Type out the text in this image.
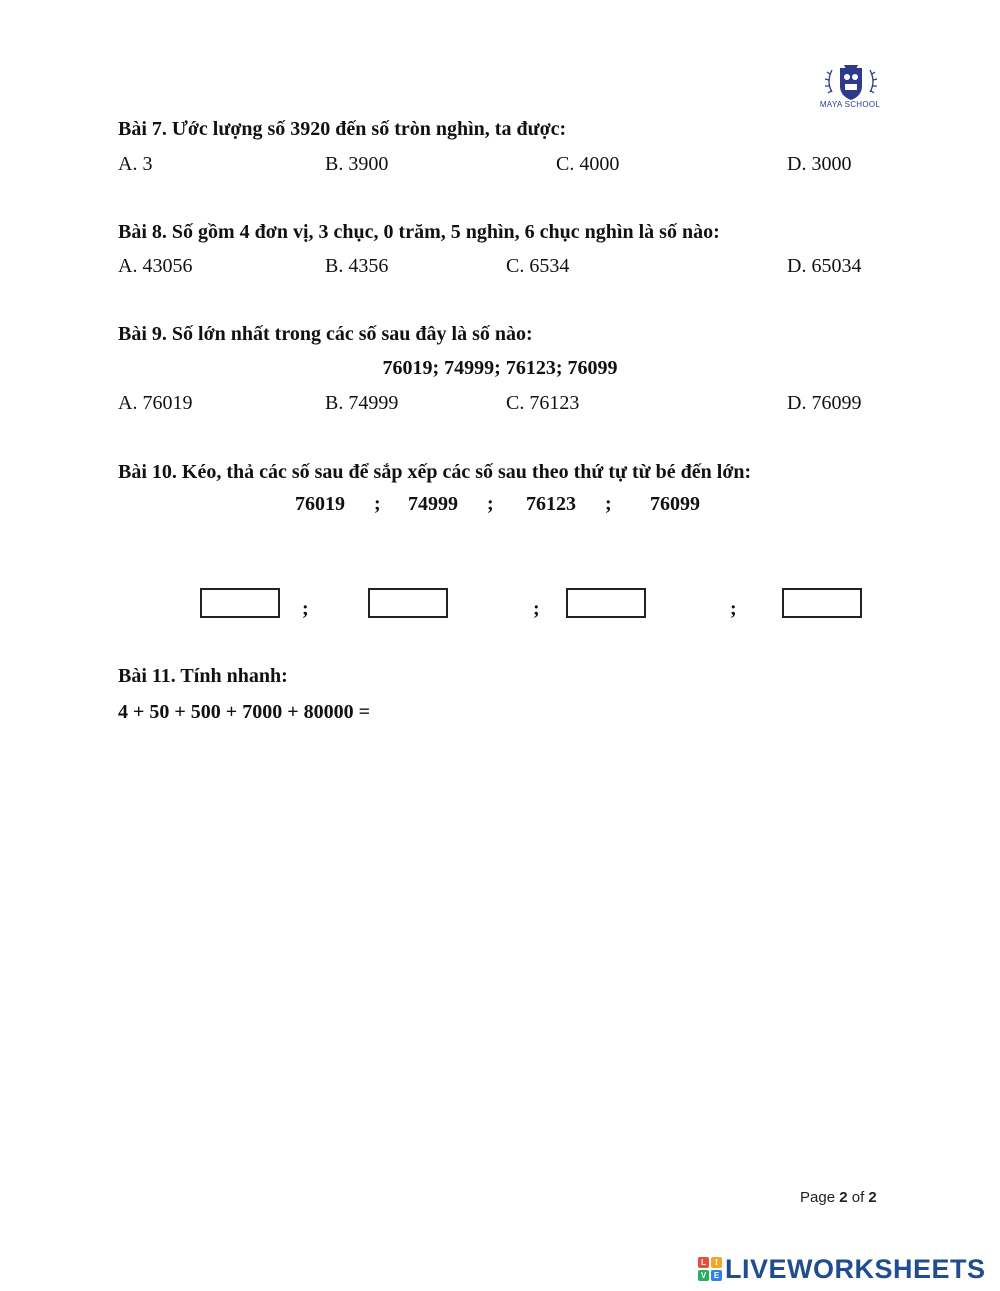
MAYA SCHOOL
Bài 7. Ước lượng số 3920 đến số tròn nghìn, ta được:
A. 3	B. 3900	C. 4000	D. 3000
Bài 8. Số gồm 4 đơn vị, 3 chục, 0 trăm, 5 nghìn, 6 chục nghìn là số nào:
A. 43056	B. 4356	C. 6534	D. 65034
Bài 9. Số lớn nhất trong các số sau đây là số nào:
76019; 74999; 76123; 76099
A. 76019	B. 74999	C. 76123	D. 76099
Bài 10. Kéo, thả các số sau để sắp xếp các số sau theo thứ tự từ bé đến lớn:
76019 ; 74999 ; 76123 ; 76099
;	;	;
Bài 11. Tính nhanh:
4 + 50 + 500 + 7000 + 80000 =
Page 2 of 2
L	I
V E LIVEWORKSHEETS
